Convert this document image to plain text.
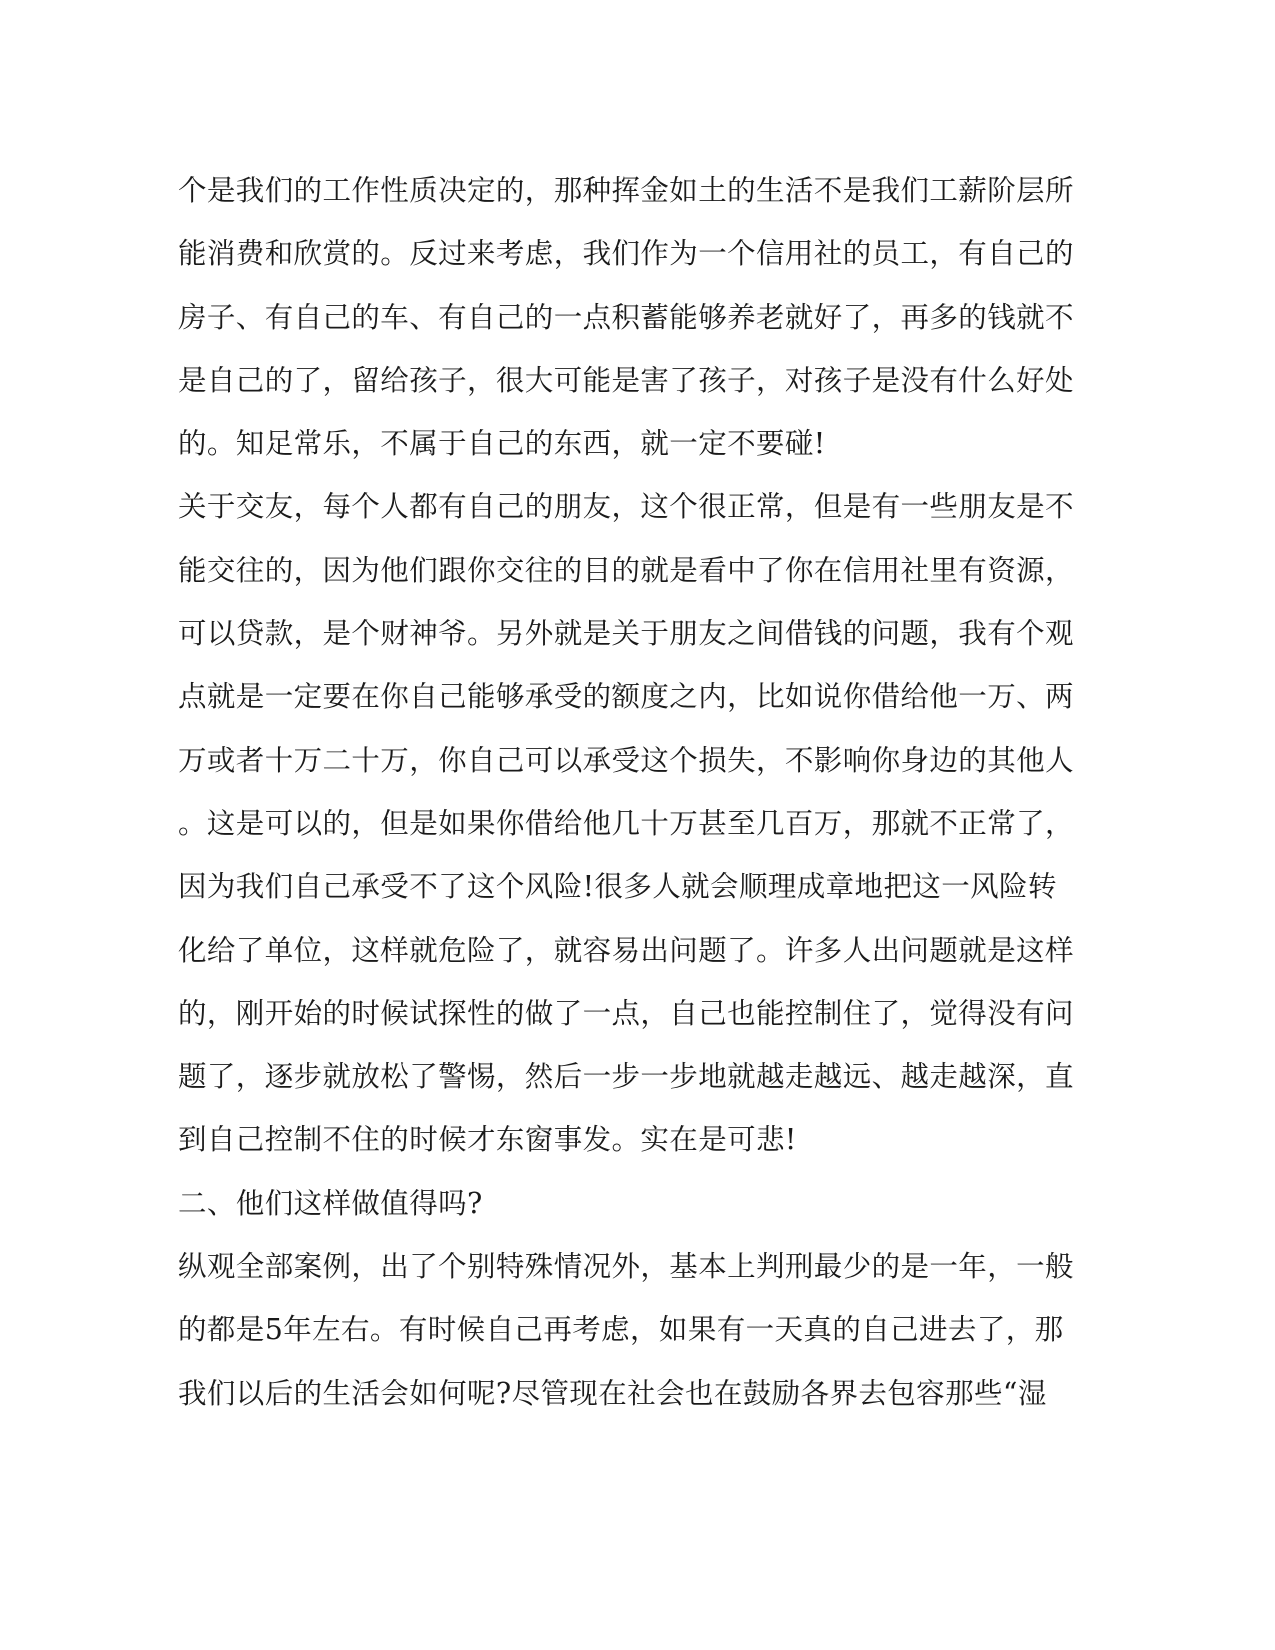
个是我们的工作性质决定的，那种挥金如土的生活不是我们工薪阶层所
能消费和欣赏的。反过来考虑，我们作为一个信用社的员工，有自己的
房子、有自己的车、有自己的一点积蓄能够养老就好了，再多的钱就不
是自己的了，留给孩子，很大可能是害了孩子，对孩子是没有什么好处
的。知足常乐，不属于自己的东西，就一定不要碰!
关于交友，每个人都有自己的朋友，这个很正常，但是有一些朋友是不
能交往的，因为他们跟你交往的目的就是看中了你在信用社里有资源，
可以贷款，是个财神爷。另外就是关于朋友之间借钱的问题，我有个观
点就是一定要在你自己能够承受的额度之内，比如说你借给他一万、两
万或者十万二十万，你自己可以承受这个损失，不影响你身边的其他人
。这是可以的，但是如果你借给他几十万甚至几百万，那就不正常了，
因为我们自己承受不了这个风险!很多人就会顺理成章地把这一风险转
化给了单位，这样就危险了，就容易出问题了。许多人出问题就是这样
的，刚开始的时候试探性的做了一点，自己也能控制住了，觉得没有问
题了，逐步就放松了警惕，然后一步一步地就越走越远、越走越深，直
到自己控制不住的时候才东窗事发。实在是可悲!
二、他们这样做值得吗?
纵观全部案例，出了个别特殊情况外，基本上判刑最少的是一年，一般
的都是5年左右。有时候自己再考虑，如果有一天真的自己进去了，那
我们以后的生活会如何呢?尽管现在社会也在鼓励各界去包容那些“湿
